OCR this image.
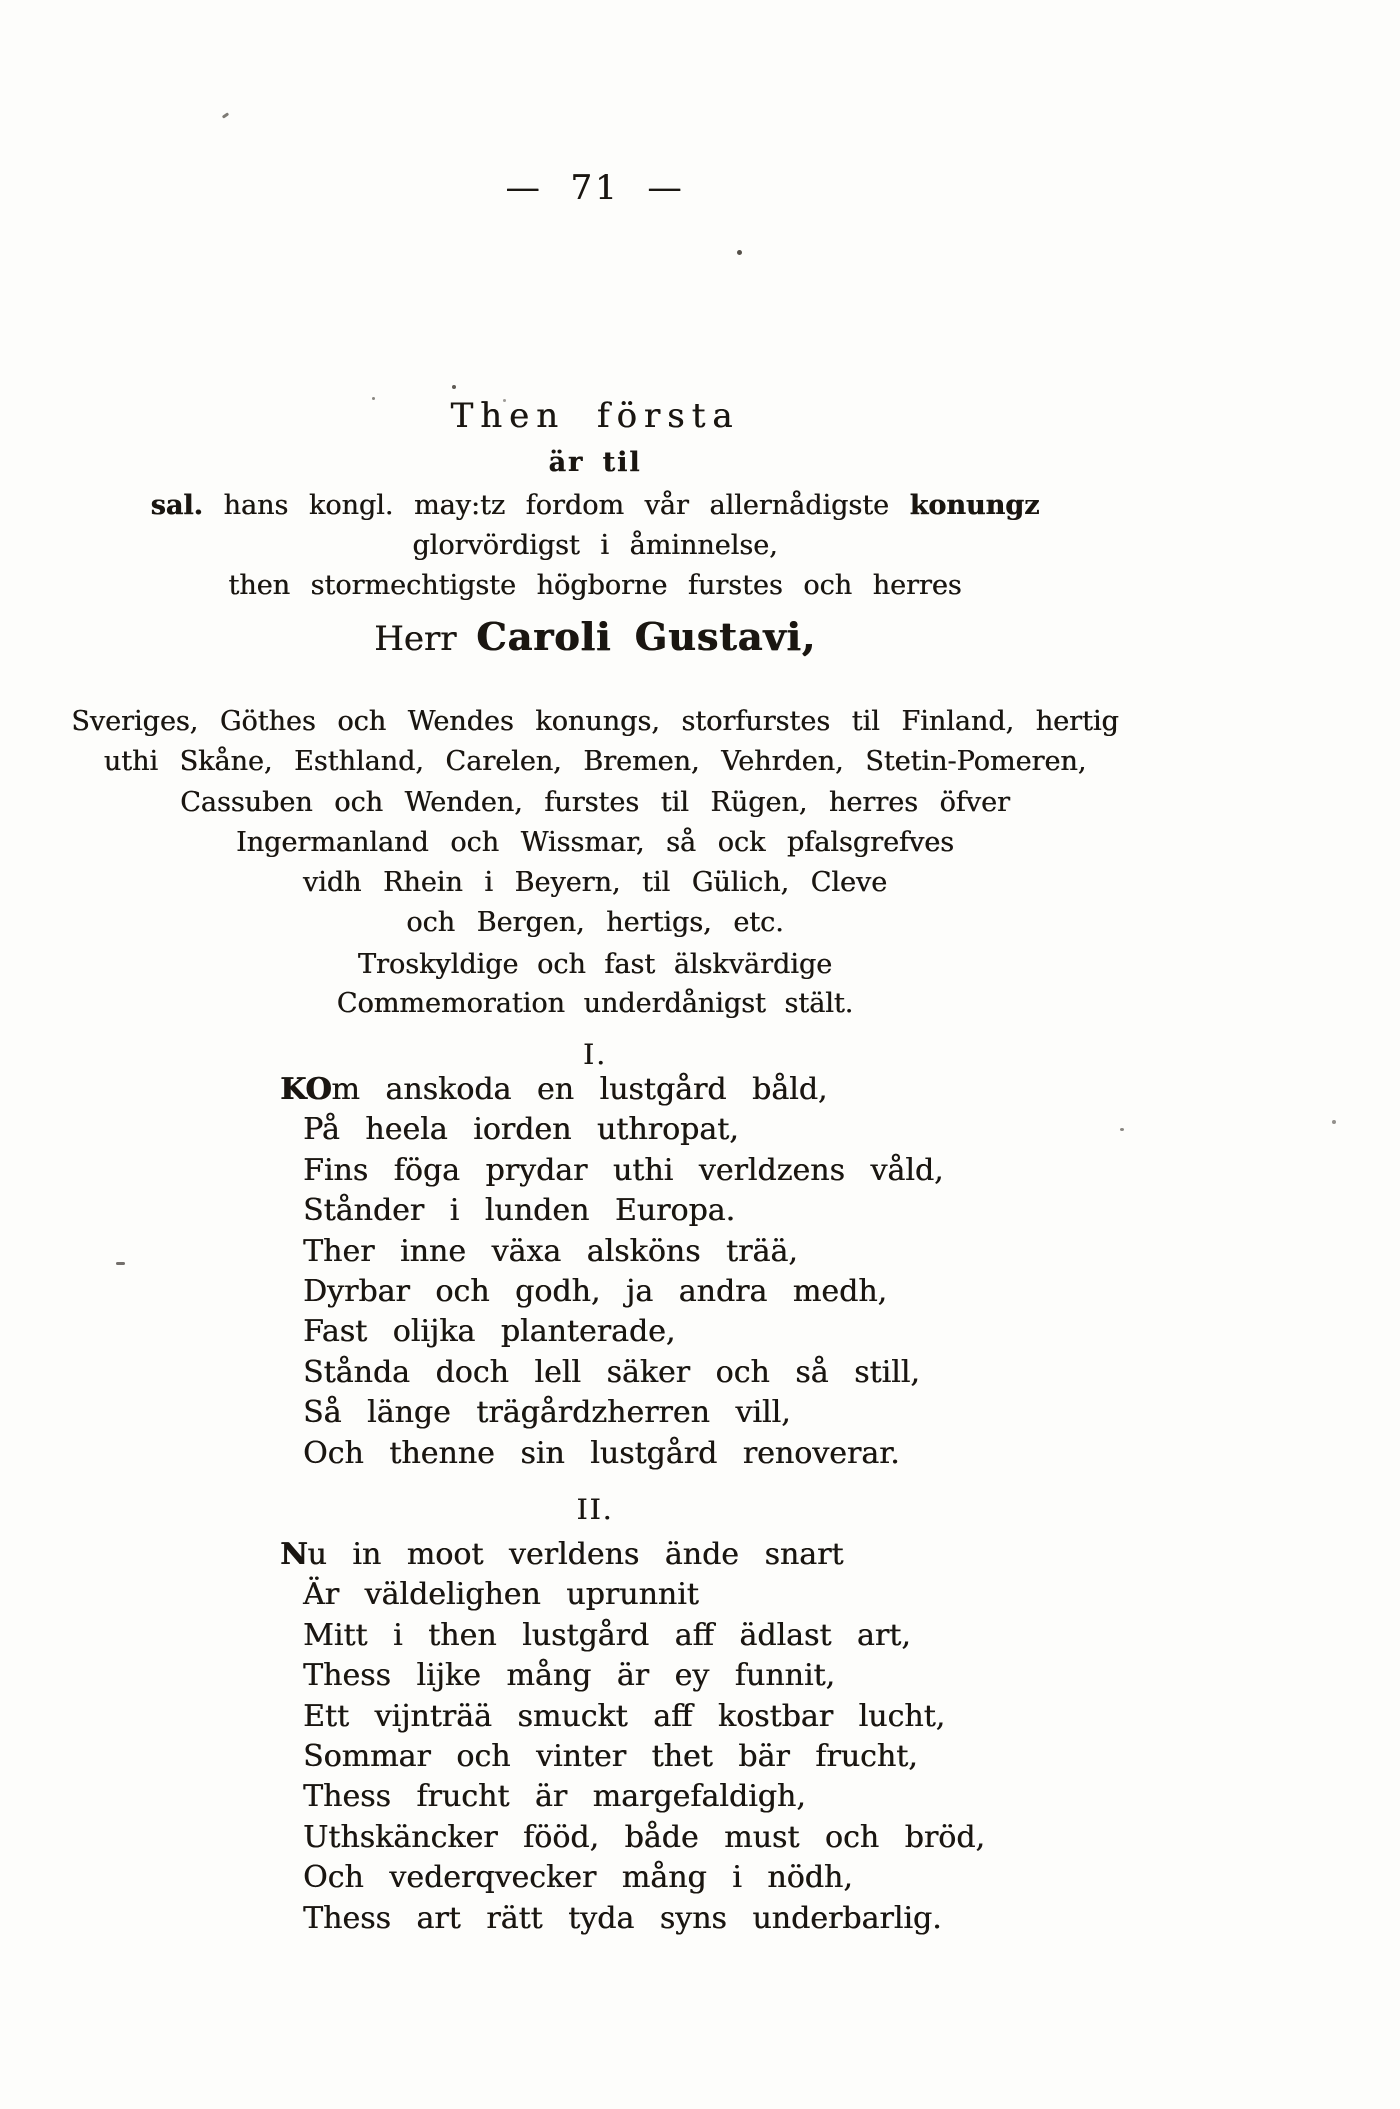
— 71 —
Then första
är til
sal. hans kongl. may:tz fordom vår allernådigste konungz
glorvördigst i åminnelse,
then stormechtigste högborne furstes och herres
Herr Caroli Gustavi,
Sveriges, Göthes och Wendes konungs, storfurstes til Finland, hertig
uthi Skåne, Esthland, Carelen, Bremen, Vehrden, Stetin-Pomeren,
Cassuben och Wenden, furstes til Rügen, herres öfver
Ingermanland och Wissmar, så ock pfalsgrefves
vidh Rhein i Beyern, til Gülich, Cleve
och Bergen, hertigs, etc.
Troskyldige och fast älskvärdige
Commemoration underdånigst stält.
I.
KOm anskoda en lustgård båld,
På heela iorden uthropat,
Fins föga prydar uthi verldzens våld,
Stånder i lunden Europa.
Ther inne växa alsköns trää,
Dyrbar och godh, ja andra medh,
Fast olijka planterade,
Stånda doch lell säker och så still,
Så länge trägårdzherren vill,
Och thenne sin lustgård renoverar.
II.
Nu in moot verldens ände snart
Är väldelighen uprunnit
Mitt i then lustgård aff ädlast art,
Thess lijke mång är ey funnit,
Ett vijnträä smuckt aff kostbar lucht,
Sommar och vinter thet bär frucht,
Thess frucht är margefaldigh,
Uthskäncker fööd, både must och bröd,
Och vederqvecker mång i nödh,
Thess art rätt tyda syns underbarlig.
